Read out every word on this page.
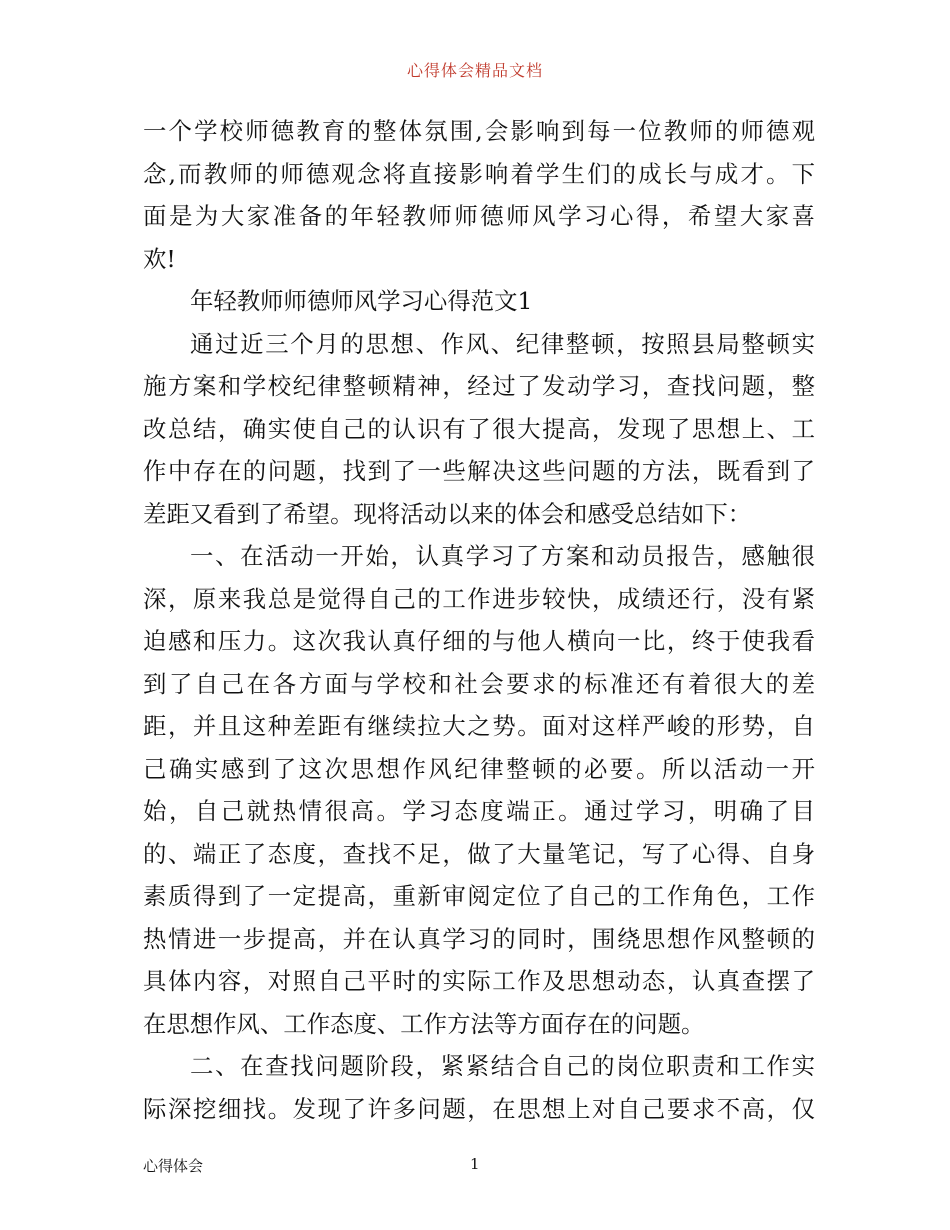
心得体会精品文档
一个学校师德教育的整体氛围,会影响到每一位教师的师德观
念,而教师的师德观念将直接影响着学生们的成长与成才。下
面是为大家准备的年轻教师师德师风学习心得，希望大家喜
欢!
年轻教师师德师风学习心得范文1
通过近三个月的思想、作风、纪律整顿，按照县局整顿实
施方案和学校纪律整顿精神，经过了发动学习，查找问题，整
改总结，确实使自己的认识有了很大提高，发现了思想上、工
作中存在的问题，找到了一些解决这些问题的方法，既看到了
差距又看到了希望。现将活动以来的体会和感受总结如下：
一、在活动一开始，认真学习了方案和动员报告，感触很
深，原来我总是觉得自己的工作进步较快，成绩还行，没有紧
迫感和压力。这次我认真仔细的与他人横向一比，终于使我看
到了自己在各方面与学校和社会要求的标准还有着很大的差
距，并且这种差距有继续拉大之势。面对这样严峻的形势，自
己确实感到了这次思想作风纪律整顿的必要。所以活动一开
始，自己就热情很高。学习态度端正。通过学习，明确了目
的、端正了态度，查找不足，做了大量笔记，写了心得、自身
素质得到了一定提高，重新审阅定位了自己的工作角色，工作
热情进一步提高，并在认真学习的同时，围绕思想作风整顿的
具体内容，对照自己平时的实际工作及思想动态，认真查摆了
在思想作风、工作态度、工作方法等方面存在的问题。
二、在查找问题阶段，紧紧结合自己的岗位职责和工作实
际深挖细找。发现了许多问题，在思想上对自己要求不高，仅
心得体会	1
